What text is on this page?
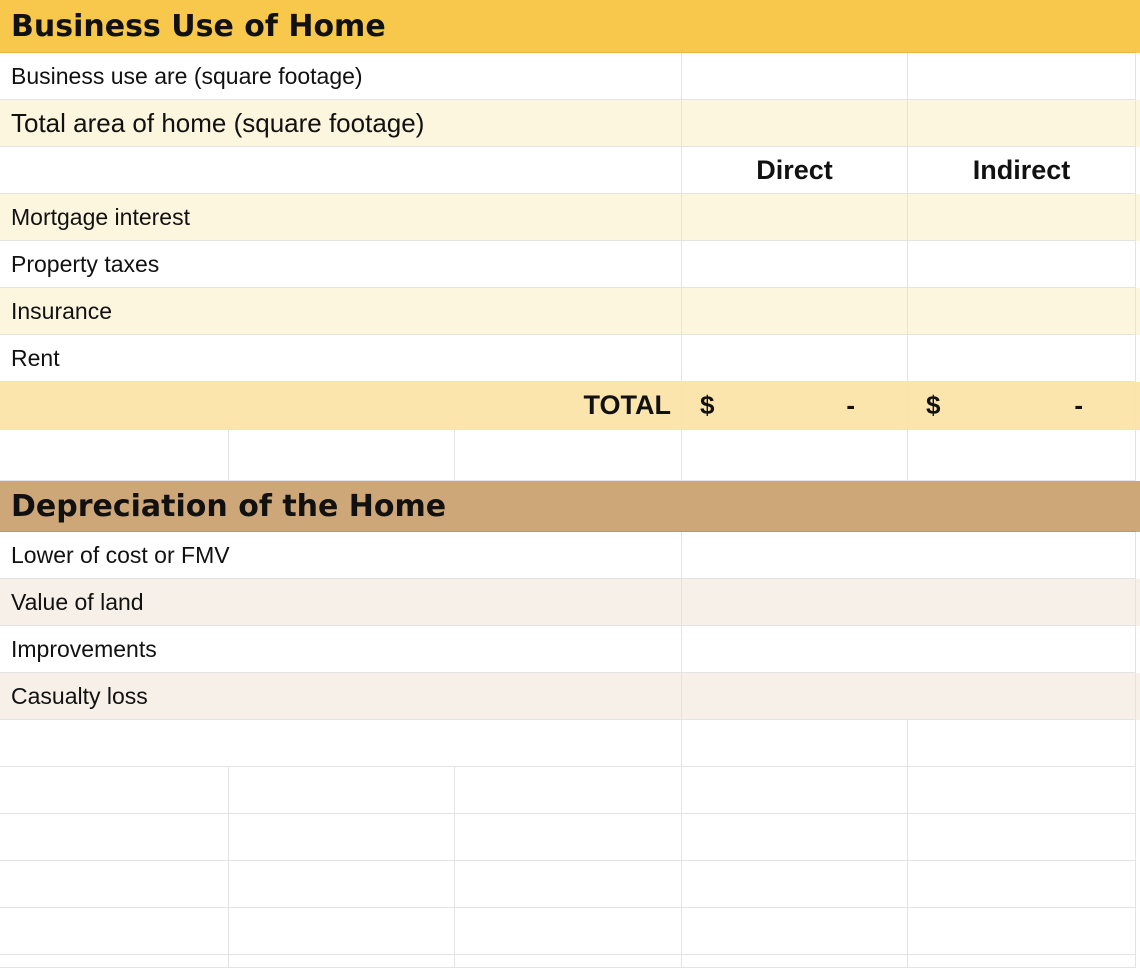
Business Use of Home
Business use are (square footage)
Total area of home (square footage)
Direct	Indirect
Mortgage interest
Property taxes
Insurance
Rent
TOTAL $	-	$	-
Depreciation of the Home
Lower of cost or FMV
Value of land
Improvements
Casualty loss
